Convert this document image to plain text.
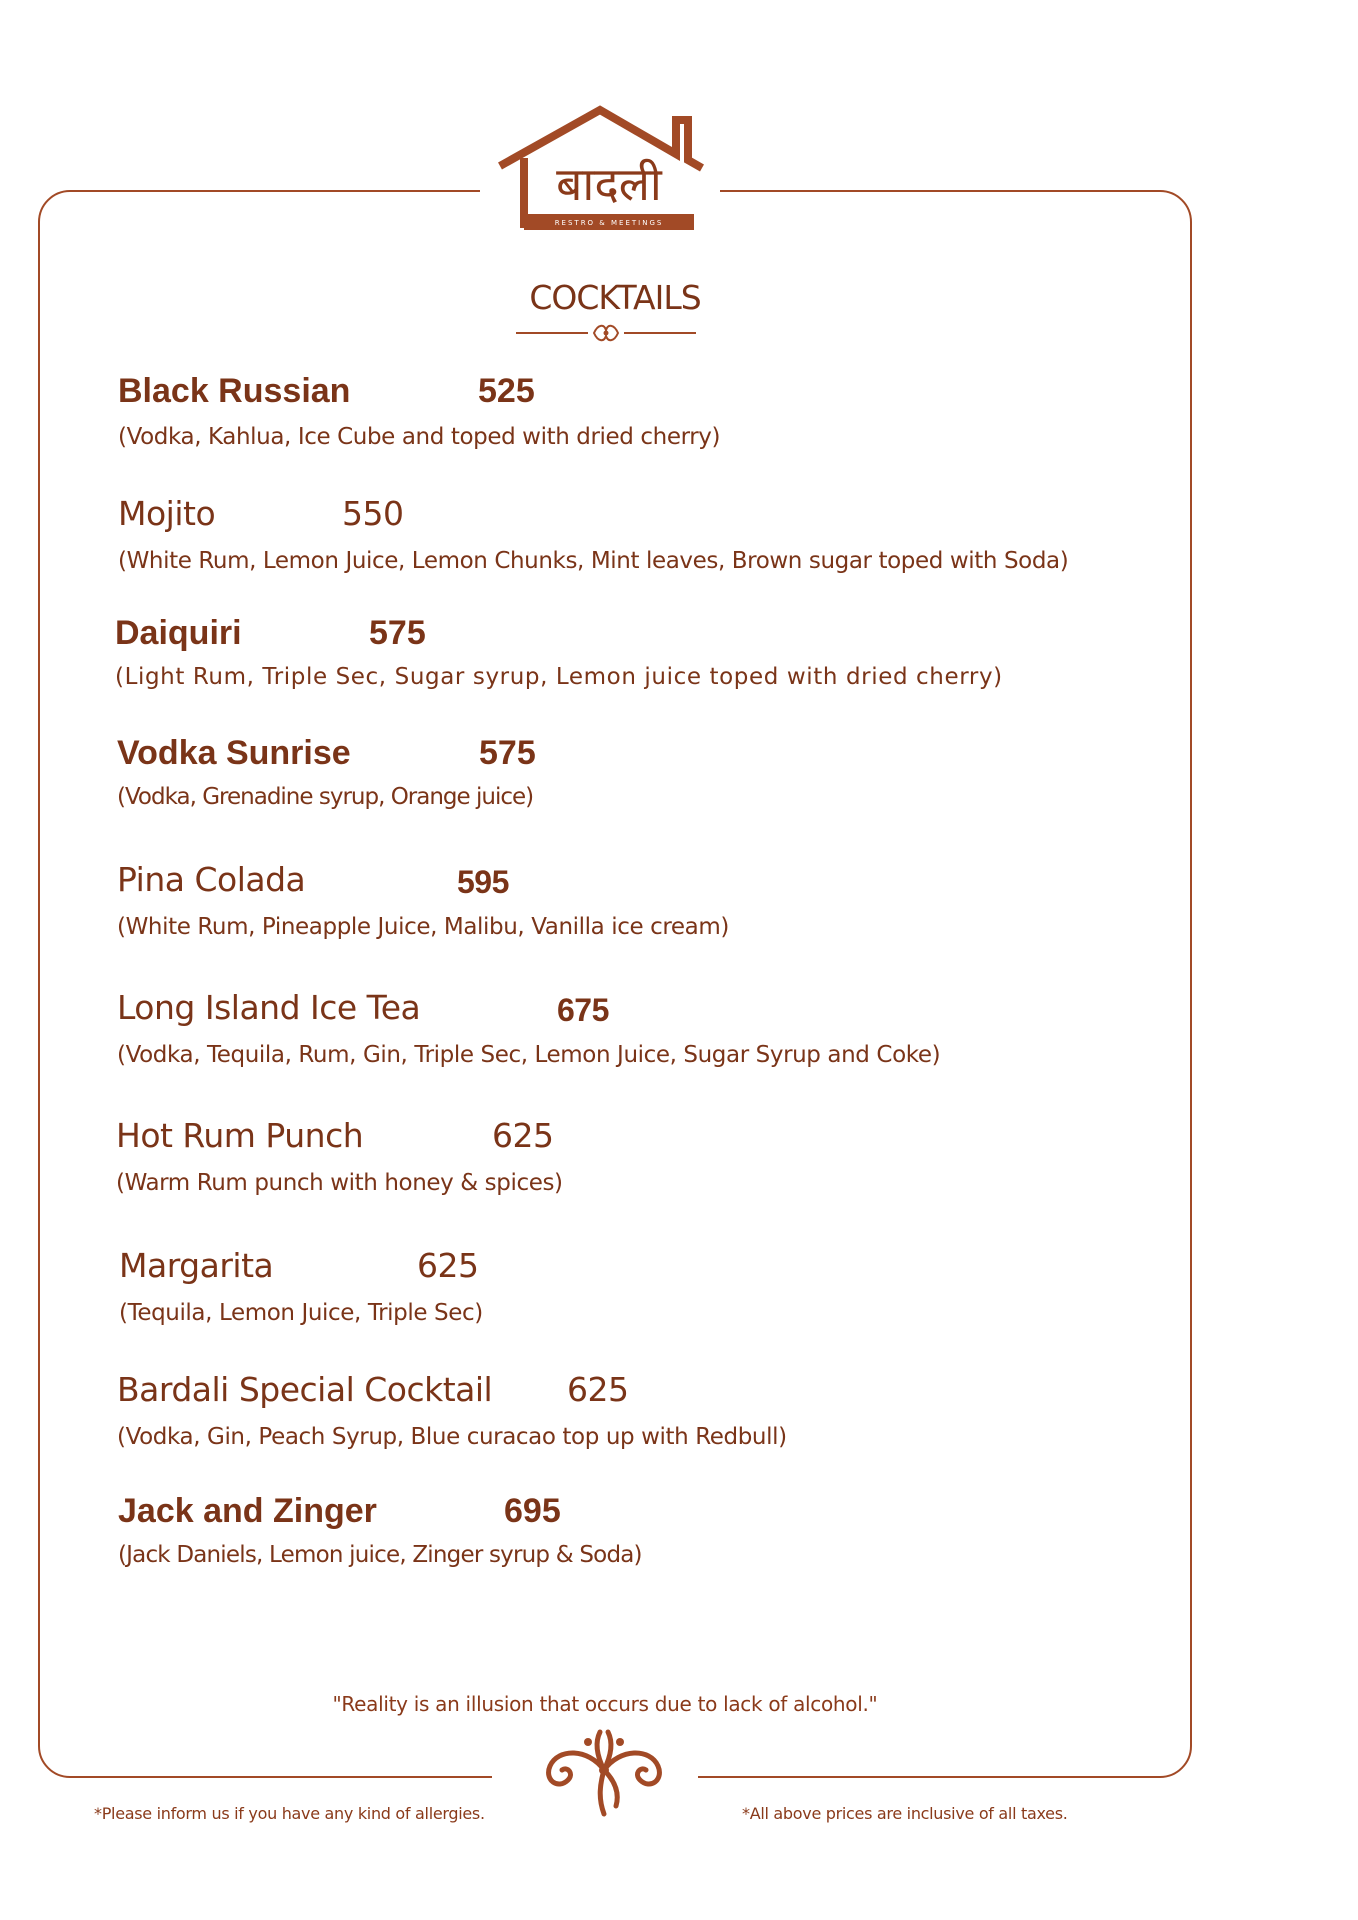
बादली
RESTRO & MEETINGS
COCKTAILS
Black Russian	525
(Vodka, Kahlua, Ice Cube and toped with dried cherry)
Mojito	550
(White Rum, Lemon Juice, Lemon Chunks, Mint leaves, Brown sugar toped with Soda)
Daiquiri	575
(Light Rum, Triple Sec, Sugar syrup, Lemon juice toped with dried cherry)
Vodka Sunrise	575
(Vodka, Grenadine syrup, Orange juice)
Pina Colada	595
(White Rum, Pineapple Juice, Malibu, Vanilla ice cream)
Long Island Ice Tea	675
(Vodka, Tequila, Rum, Gin, Triple Sec, Lemon Juice, Sugar Syrup and Coke)
Hot Rum Punch	625
(Warm Rum punch with honey & spices)
Margarita	625
(Tequila, Lemon Juice, Triple Sec)
Bardali Special Cocktail 625
(Vodka, Gin, Peach Syrup, Blue curacao top up with Redbull)
Jack and Zinger	695
(Jack Daniels, Lemon juice, Zinger syrup & Soda)
"Reality is an illusion that occurs due to lack of alcohol."
*Please inform us if you have any kind of allergies.	*All above prices are inclusive of all taxes.
